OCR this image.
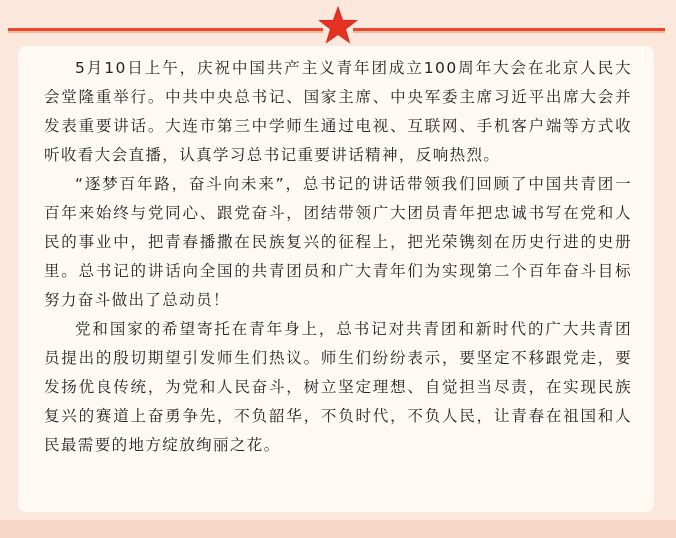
5月10日上午，庆祝中国共产主义青年团成立100周年大会在北京人民大会堂隆重举行。中共中央总书记、国家主席、中央军委主席习近平出席大会并发表重要讲话。大连市第三中学师生通过电视、互联网、手机客户端等方式收听收看大会直播，认真学习总书记重要讲话精神，反响热烈。

“逐梦百年路，奋斗向未来”，总书记的讲话带领我们回顾了中国共青团一百年来始终与党同心、跟党奋斗，团结带领广大团员青年把忠诚书写在党和人民的事业中，把青春播撒在民族复兴的征程上，把光荣镌刻在历史行进的史册里。总书记的讲话向全国的共青团员和广大青年们为实现第二个百年奋斗目标努力奋斗做出了总动员！

党和国家的希望寄托在青年身上，总书记对共青团和新时代的广大共青团员提出的殷切期望引发师生们热议。师生们纷纷表示，要坚定不移跟党走，要发扬优良传统，为党和人民奋斗，树立坚定理想、自觉担当尽责，在实现民族复兴的赛道上奋勇争先，不负韶华，不负时代，不负人民，让青春在祖国和人民最需要的地方绽放绚丽之花。
